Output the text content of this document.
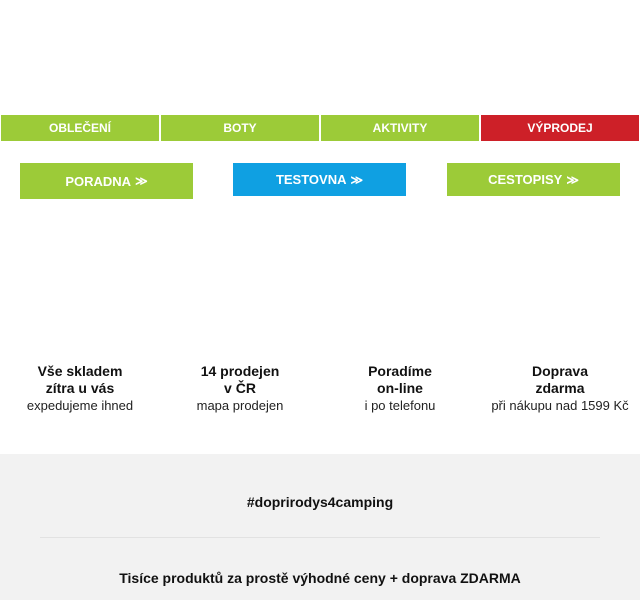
OBLEČENÍ	BOTY	AKTIVITY	VÝPRODEJ
PORADNA ≫	TESTOVNA ≫	CESTOPISY ≫
Vše skladem
zítra u vás
expedujeme ihned
14 prodejen
v ČR
mapa prodejen
Poradíme
on-line
i po telefonu
Doprava
zdarma
při nákupu nad 1599 Kč
#doprirodys4camping
Tisíce produktů za prostě výhodné ceny + doprava ZDARMA
